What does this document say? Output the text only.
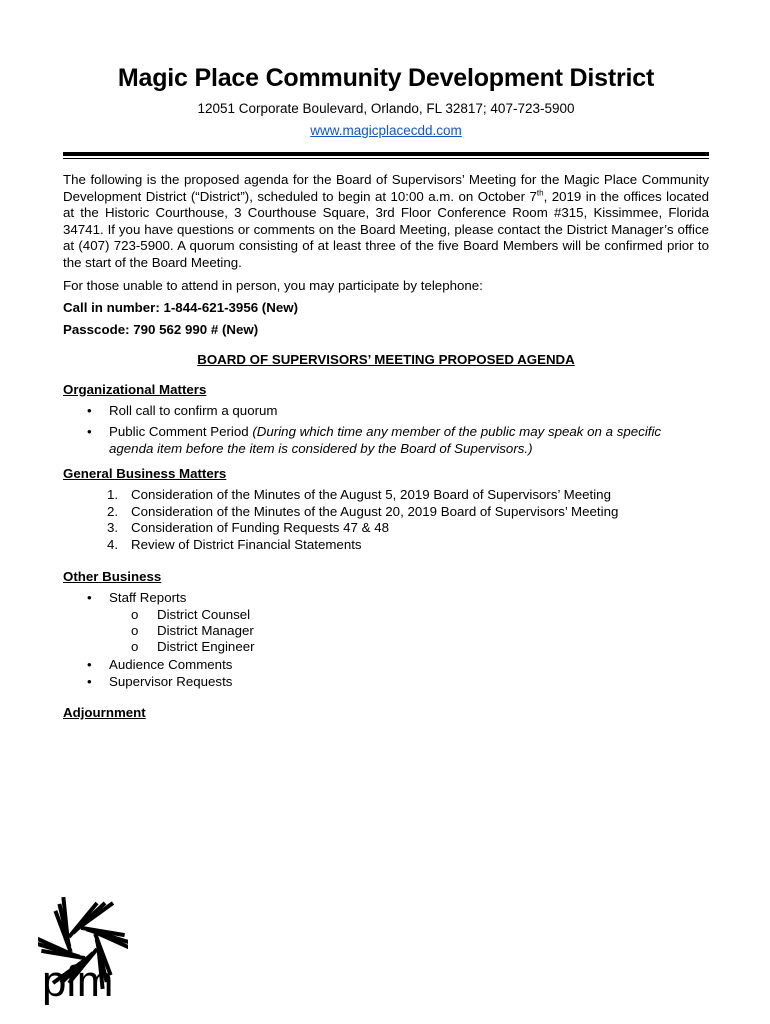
Magic Place Community Development District
12051 Corporate Boulevard, Orlando, FL 32817; 407-723-5900
www.magicplacecdd.com
The following is the proposed agenda for the Board of Supervisors’ Meeting for the Magic Place Community Development District (“District”), scheduled to begin at 10:00 a.m. on October 7th, 2019 in the offices located at the Historic Courthouse, 3 Courthouse Square, 3rd Floor Conference Room #315, Kissimmee, Florida 34741. If you have questions or comments on the Board Meeting, please contact the District Manager’s office at (407) 723-5900. A quorum consisting of at least three of the five Board Members will be confirmed prior to the start of the Board Meeting.
For those unable to attend in person, you may participate by telephone:
Call in number: 1-844-621-3956 (New)
Passcode: 790 562 990 # (New)
BOARD OF SUPERVISORS’ MEETING PROPOSED AGENDA
Organizational Matters
• Roll call to confirm a quorum
• Public Comment Period (During which time any member of the public may speak on a specific agenda item before the item is considered by the Board of Supervisors.)
General Business Matters
1. Consideration of the Minutes of the August 5, 2019 Board of Supervisors’ Meeting
2. Consideration of the Minutes of the August 20, 2019 Board of Supervisors’ Meeting
3. Consideration of Funding Requests 47 & 48
4. Review of District Financial Statements
Other Business
• Staff Reports
o District Counsel
o District Manager
o District Engineer
• Audience Comments
• Supervisor Requests
Adjournment
pfm
